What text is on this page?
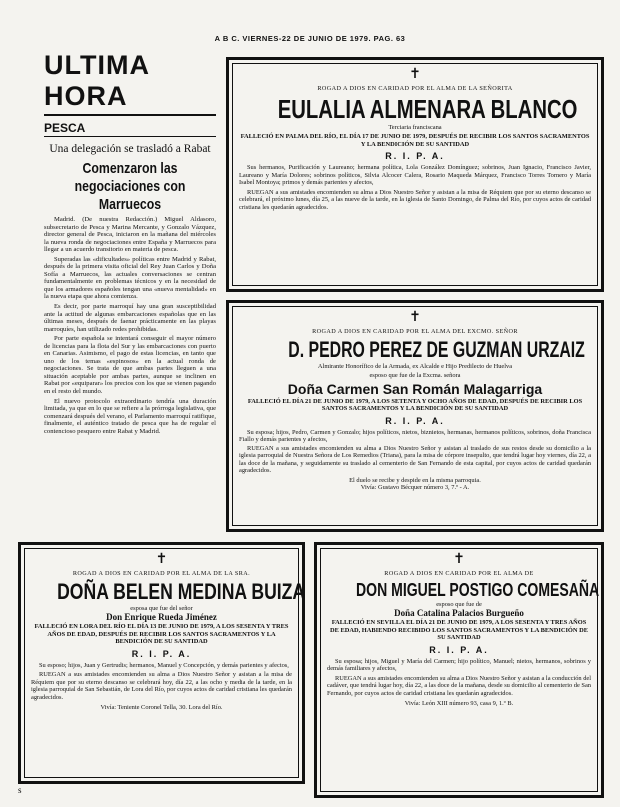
A B C. VIERNES-22 DE JUNIO DE 1979. PAG. 63
ULTIMA HORA
PESCA
Una delegación se trasladó a Rabat
Comenzaron las negociaciones con Marruecos
Madrid. (De nuestra Redacción.) Miguel Aldasoro, subsecretario de Pesca y Marina Mercante, y Gonzalo Vázquez, director general de Pesca, iniciaron en la mañana del miércoles la nueva ronda de negociaciones entre España y Marruecos para llegar a un acuerdo transitorio en materia de pesca.
Superadas las «dificultades» políticas entre Madrid y Rabat, después de la primera visita oficial del Rey Juan Carlos y Doña Sofía a Marruecos, las actuales conversaciones se centran fundamentalmente en problemas técnicos y en la necesidad de que los armadores españoles tengan una «nueva mentalidad» en la nueva etapa que ahora comienza.
Es decir, por parte marroquí hay una gran susceptibilidad ante la actitud de algunas embarcaciones españolas que en las últimas meses, después de faenar prácticamente en las playas marroquíes, han utilizado redes prohibidas.
Por parte española se intentará conseguir el mayor número de licencias para la flota del Sur y las embarcaciones con puerto en Canarias. Asimismo, el pago de estas licencias, en tanto que uno de los temas «espinosos» en la actual ronda de negociaciones. Se trata de que ambas partes lleguen a una situación aceptable por ambas partes, aunque se inclinen en Rabat por «equiparar» los precios con los que se vienen pagando en el resto del mundo.
El nuevo protocolo extraordinario tendría una duración limitada, ya que en lo que se refiere a la prórroga legislativa, que comenzará después del verano, el Parlamento marroquí ratifique, finalmente, el auténtico tratado de pesca que ha de regular el contencioso pesquero entre Rabat y Madrid.
✝
ROGAD A DIOS EN CARIDAD POR EL ALMA DE LA SEÑORITA
EULALIA ALMENARA BLANCO
Terciaria franciscana
FALLECIÓ EN PALMA DEL RÍO, EL DÍA 17 DE JUNIO DE 1979, DESPUÉS DE RECIBIR LOS SANTOS SACRAMENTOS Y LA BENDICIÓN DE SU SANTIDAD
R. I. P. A.
Sus hermanos, Purificación y Laureano; hermana política, Lola González Domínguez; sobrinos, Juan Ignacio, Francisco Javier, Laureano y María Dolores; sobrinos políticos, Silvia Alcocer Calera, Rosario Maqueda Márquez, Francisco Torres Tornero y María Isabel Montoya; primos y demás parientes y afectos,
RUEGAN a sus amistades encomienden su alma a Dios Nuestro Señor y asistan a la misa de Réquiem que por su eterno descanso se celebrará, el próximo lunes, día 25, a las nueve de la tarde, en la iglesia de Santo Domingo, de Palma del Río, por cuyos actos de caridad cristiana les quedarán agradecidos.
✝
ROGAD A DIOS EN CARIDAD POR EL ALMA DEL EXCMO. SEÑOR
D. PEDRO PEREZ DE GUZMAN URZAIZ
Almirante Honorífico de la Armada, ex Alcalde e Hijo Predilecto de Huelva
esposo que fue de la Excma. señora
Doña Carmen San Román Malagarriga
FALLECIÓ EL DÍA 21 DE JUNIO DE 1979, A LOS SETENTA Y OCHO AÑOS DE EDAD, DESPUÉS DE RECIBIR LOS SANTOS SACRAMENTOS Y LA BENDICIÓN DE SU SANTIDAD
R. I. P. A.
Su esposa; hijos, Pedro, Carmen y Gonzalo; hijos políticos, nietos, biznietos, hermanas, hermanos políticos, sobrinos, doña Francisca Fiallo y demás parientes y afectos,
RUEGAN a sus amistades encomienden su alma a Dios Nuestro Señor y asistan al traslado de sus restos desde su domicilio a la iglesia parroquial de Nuestra Señora de Los Remedios (Triana), para la misa de córpore insepulto, que tendrá lugar hoy viernes, día 22, a las doce de la mañana, y seguidamente su traslado al cementerio de San Fernando de esta capital, por cuyos actos de caridad quedarán agradecidos.
El duelo se recibe y despide en la misma parroquia.
Vivía: Gustavo Bécquer número 3, 7.º - A.
✝
ROGAD A DIOS EN CARIDAD POR EL ALMA DE LA SRA.
DOÑA BELEN MEDINA BUIZA
esposa que fue del señor
Don Enrique Rueda Jiménez
FALLECIÓ EN LORA DEL RÍO EL DÍA 13 DE JUNIO DE 1979, A LOS SESENTA Y TRES AÑOS DE EDAD, DESPUÉS DE RECIBIR LOS SANTOS SACRAMENTOS Y LA BENDICIÓN DE SU SANTIDAD
R. I. P. A.
Su esposo; hijos, Juan y Gertrudis; hermanos, Manuel y Concepción, y demás parientes y afectos,
RUEGAN a sus amistades encomienden su alma a Dios Nuestro Señor y asistan a la misa de Réquiem que por su eterno descanso se celebrará hoy, día 22, a las ocho y media de la tarde, en la iglesia parroquial de San Sebastián, de Lora del Río, por cuyos actos de caridad cristiana les quedarán agradecidos.
Vivía: Teniente Coronel Tella, 30. Lora del Río.
✝
ROGAD A DIOS EN CARIDAD POR EL ALMA DE
DON MIGUEL POSTIGO COMESAÑA
esposo que fue de
Doña Catalina Palacios Burgueño
FALLECIÓ EN SEVILLA EL DÍA 21 DE JUNIO DE 1979, A LOS SESENTA Y TRES AÑOS DE EDAD, HABIENDO RECIBIDO LOS SANTOS SACRAMENTOS Y LA BENDICIÓN DE SU SANTIDAD
R. I. P. A.
Su esposa; hijos, Miguel y María del Carmen; hijo político, Manuel; nietos, hermanos, sobrinos y demás familiares y afectos,
RUEGAN a sus amistades encomienden su alma a Dios Nuestro Señor y asistan a la conducción del cadáver, que tendrá lugar hoy, día 22, a las doce de la mañana, desde su domicilio al cementerio de San Fernando, por cuyos actos de caridad cristiana les quedarán agradecidos.
Vivía: León XIII número 93, casa 9, 1.º B.
s
